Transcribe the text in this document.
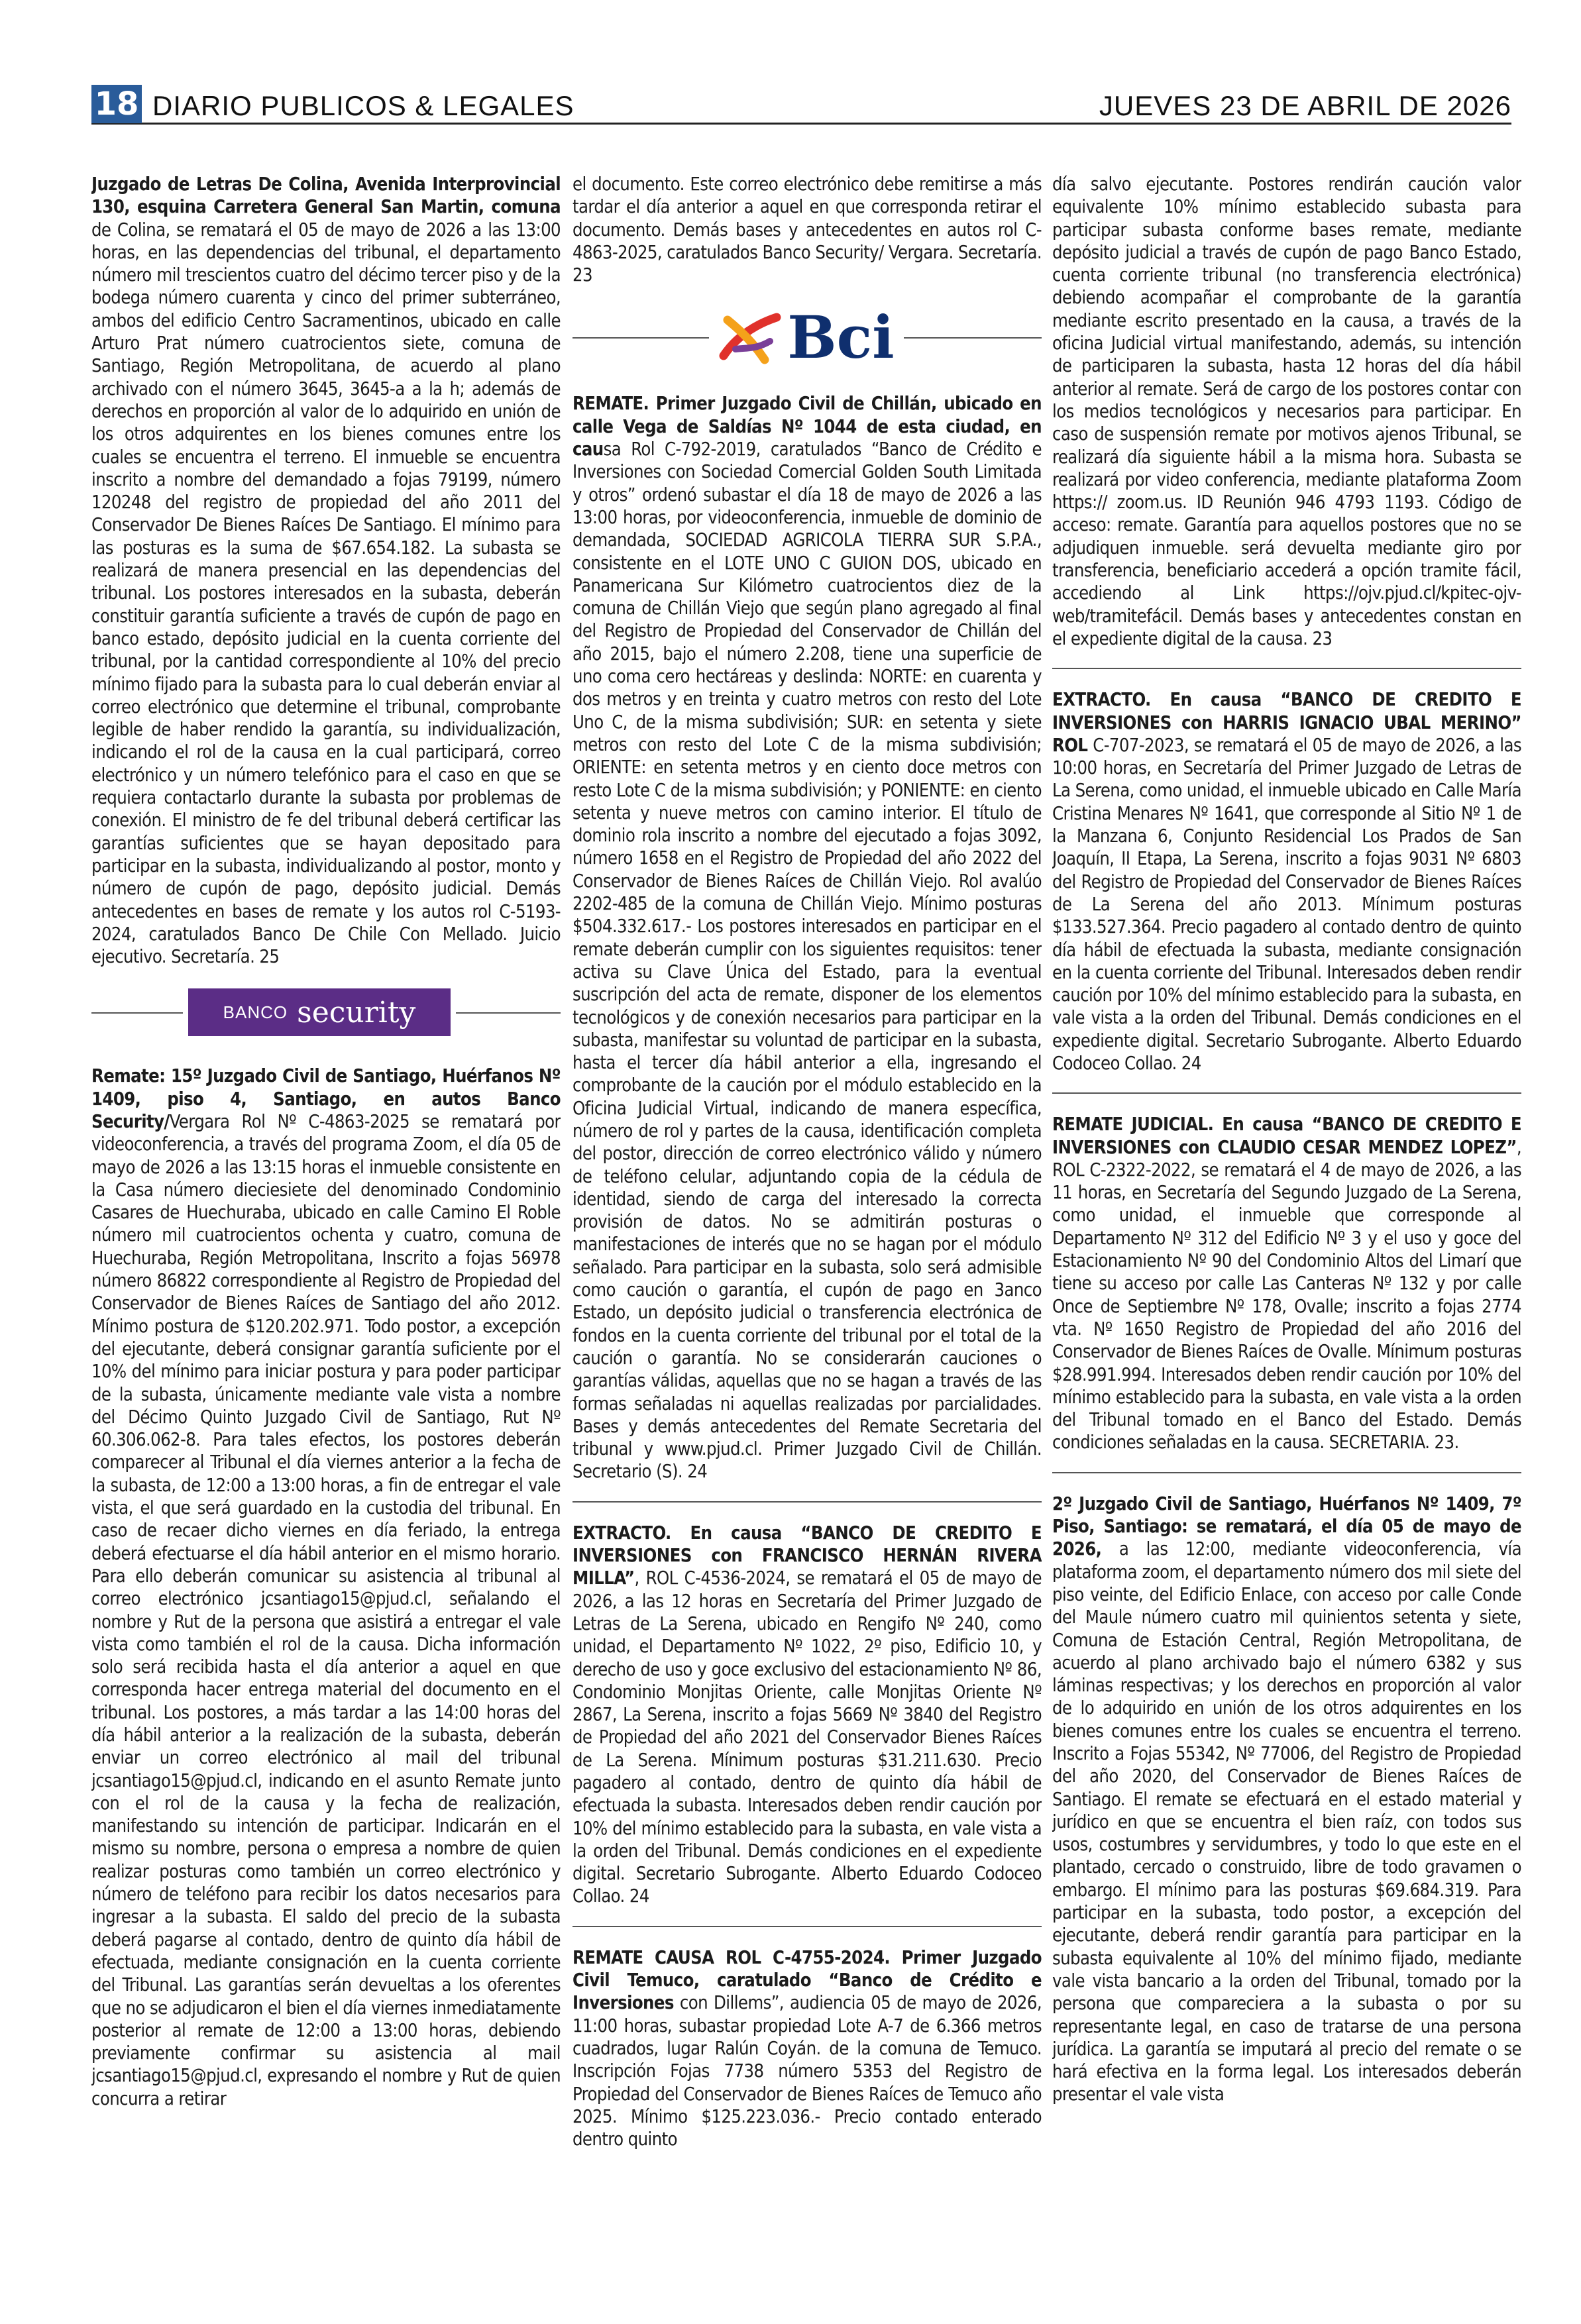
18 DIARIO PUBLICOS & LEGALES	JUEVES 23 DE ABRIL DE 2026

Juzgado de Letras De Colina, Avenida Interprovincial 130, esquina Carretera General San Martin, comuna de Colina, se rematará el 05 de mayo de 2026 a las 13:00 horas, en las dependencias del tribunal, el departamento número mil trescientos cuatro del décimo tercer piso y de la bodega número cuarenta y cinco del primer subterráneo, ambos del edificio Centro Sacramentinos, ubicado en calle Arturo Prat número cuatrocientos siete, comuna de Santiago, Región Metropolitana, de acuerdo al plano archivado con el número 3645, 3645-a a la h; además de derechos en proporción al valor de lo adquirido en unión de los otros adquirentes en los bienes comunes entre los cuales se encuentra el terreno. El inmueble se encuentra inscrito a nombre del demandado a fojas 79199, número 120248 del registro de propiedad del año 2011 del Conservador De Bienes Raíces De Santiago. El mínimo para las posturas es la suma de $67.654.182. La subasta se realizará de manera presencial en las dependencias del tribunal. Los postores interesados en la subasta, deberán constituir garantía suficiente a través de cupón de pago en banco estado, depósito judicial en la cuenta corriente del tribunal, por la cantidad correspondiente al 10% del precio mínimo fijado para la subasta para lo cual deberán enviar al correo electrónico que determine el tribunal, comprobante legible de haber rendido la garantía, su individualización, indicando el rol de la causa en la cual participará, correo electrónico y un número telefónico para el caso en que se requiera contactarlo durante la subasta por problemas de conexión. El ministro de fe del tribunal deberá certificar las garantías suficientes que se hayan depositado para participar en la subasta, individualizando al postor, monto y número de cupón de pago, depósito judicial. Demás antecedentes en bases de remate y los autos rol C-5193-2024, caratulados Banco De Chile Con Mellado. Juicio ejecutivo. Secretaría. 25

BANCO security

Remate: 15º Juzgado Civil de Santiago, Huérfanos Nº 1409, piso 4, Santiago, en autos Banco Security/Vergara Rol Nº C-4863-2025 se rematará por videoconferencia, a través del programa Zoom, el día 05 de mayo de 2026 a las 13:15 horas el inmueble consistente en la Casa número dieciesiete del denominado Condominio Casares de Huechuraba, ubicado en calle Camino El Roble número mil cuatrocientos ochenta y cuatro, comuna de Huechuraba, Región Metropolitana, Inscrito a fojas 56978 número 86822 correspondiente al Registro de Propiedad del Conservador de Bienes Raíces de Santiago del año 2012. Mínimo postura de $120.202.971. Todo postor, a excepción del ejecutante, deberá consignar garantía suficiente por el 10% del mínimo para iniciar postura y para poder participar de la subasta, únicamente mediante vale vista a nombre del Décimo Quinto Juzgado Civil de Santiago, Rut Nº 60.306.062-8. Para tales efectos, los postores deberán comparecer al Tribunal el día viernes anterior a la fecha de la subasta, de 12:00 a 13:00 horas, a fin de entregar el vale vista, el que será guardado en la custodia del tribunal. En caso de recaer dicho viernes en día feriado, la entrega deberá efectuarse el día hábil anterior en el mismo horario. Para ello deberán comunicar su asistencia al tribunal al correo electrónico jcsantiago15@pjud.cl, señalando el nombre y Rut de la persona que asistirá a entregar el vale vista como también el rol de la causa. Dicha información solo será recibida hasta el día anterior a aquel en que corresponda hacer entrega material del documento en el tribunal. Los postores, a más tardar a las 14:00 horas del día hábil anterior a la realización de la subasta, deberán enviar un correo electrónico al mail del tribunal jcsantiago15@pjud.cl, indicando en el asunto Remate junto con el rol de la causa y la fecha de realización, manifestando su intención de participar. Indicarán en el mismo su nombre, persona o empresa a nombre de quien realizar posturas como también un correo electrónico y número de teléfono para recibir los datos necesarios para ingresar a la subasta. El saldo del precio de la subasta deberá pagarse al contado, dentro de quinto día hábil de efectuada, mediante consignación en la cuenta corriente del Tribunal. Las garantías serán devueltas a los oferentes que no se adjudicaron el bien el día viernes inmediatamente posterior al remate de 12:00 a 13:00 horas, debiendo previamente confirmar su asistencia al mail jcsantiago15@pjud.cl, expresando el nombre y Rut de quien concurra a retirar

el documento. Este correo electrónico debe remitirse a más tardar el día anterior a aquel en que corresponda retirar el documento. Demás bases y antecedentes en autos rol C-4863-2025, caratulados Banco Security/ Vergara. Secretaría. 23

Bci

REMATE. Primer Juzgado Civil de Chillán, ubicado en calle Vega de Saldías Nº 1044 de esta ciudad, en causa Rol C-792-2019, caratulados “Banco de Crédito e Inversiones con Sociedad Comercial Golden South Limitada y otros” ordenó subastar el día 18 de mayo de 2026 a las 13:00 horas, por videoconferencia, inmueble de dominio de demandada, SOCIEDAD AGRICOLA TIERRA SUR S.P.A., consistente en el LOTE UNO C GUION DOS, ubicado en Panamericana Sur Kilómetro cuatrocientos diez de la comuna de Chillán Viejo que según plano agregado al final del Registro de Propiedad del Conservador de Chillán del año 2015, bajo el número 2.208, tiene una superficie de uno coma cero hectáreas y deslinda: NORTE: en cuarenta y dos metros y en treinta y cuatro metros con resto del Lote Uno C, de la misma subdivisión; SUR: en setenta y siete metros con resto del Lote C de la misma subdivisión; ORIENTE: en setenta metros y en ciento doce metros con resto Lote C de la misma subdivisión; y PONIENTE: en ciento setenta y nueve metros con camino interior. El título de dominio rola inscrito a nombre del ejecutado a fojas 3092, número 1658 en el Registro de Propiedad del año 2022 del Conservador de Bienes Raíces de Chillán Viejo. Rol avalúo 2202-485 de la comuna de Chillán Viejo. Mínimo posturas $504.332.617.- Los postores interesados en participar en el remate deberán cumplir con los siguientes requisitos: tener activa su Clave Única del Estado, para la eventual suscripción del acta de remate, disponer de los elementos tecnológicos y de conexión necesarios para participar en la subasta, manifestar su voluntad de participar en la subasta, hasta el tercer día hábil anterior a ella, ingresando el comprobante de la caución por el módulo establecido en la Oficina Judicial Virtual, indicando de manera específica, número de rol y partes de la causa, identificación completa del postor, dirección de correo electrónico válido y número de teléfono celular, adjuntando copia de la cédula de identidad, siendo de carga del interesado la correcta provisión de datos. No se admitirán posturas o manifestaciones de interés que no se hagan por el módulo señalado. Para participar en la subasta, solo será admisible como caución o garantía, el cupón de pago en 3anco Estado, un depósito judicial o transferencia electrónica de fondos en la cuenta corriente del tribunal por el total de la caución o garantía. No se considerarán cauciones o garantías válidas, aquellas que no se hagan a través de las formas señaladas ni aquellas realizadas por parcialidades. Bases y demás antecedentes del Remate Secretaria del tribunal y www.pjud.cl. Primer Juzgado Civil de Chillán. Secretario (S). 24

EXTRACTO. En causa “BANCO DE CREDITO E INVERSIONES con FRANCISCO HERNÁN RIVERA MILLA”, ROL C-4536-2024, se rematará el 05 de mayo de 2026, a las 12 horas en Secretaría del Primer Juzgado de Letras de La Serena, ubicado en Rengifo Nº 240, como unidad, el Departamento Nº 1022, 2º piso, Edificio 10, y derecho de uso y goce exclusivo del estacionamiento Nº 86, Condominio Monjitas Oriente, calle Monjitas Oriente Nº 2867, La Serena, inscrito a fojas 5669 Nº 3840 del Registro de Propiedad del año 2021 del Conservador Bienes Raíces de La Serena. Mínimum posturas $31.211.630. Precio pagadero al contado, dentro de quinto día hábil de efectuada la subasta. Interesados deben rendir caución por 10% del mínimo establecido para la subasta, en vale vista a la orden del Tribunal. Demás condiciones en el expediente digital. Secretario Subrogante. Alberto Eduardo Codoceo Collao. 24

REMATE CAUSA ROL C-4755-2024. Primer Juzgado Civil Temuco, caratulado “Banco de Crédito e Inversiones con Dillems”, audiencia 05 de mayo de 2026, 11:00 horas, subastar propiedad Lote A-7 de 6.366 metros cuadrados, lugar Ralún Coyán. de la comuna de Temuco. Inscripción Fojas 7738 número 5353 del Registro de Propiedad del Conservador de Bienes Raíces de Temuco año 2025. Mínimo $125.223.036.- Precio contado enterado dentro quinto

día salvo ejecutante. Postores rendirán caución valor equivalente 10% mínimo establecido subasta para participar subasta conforme bases remate, mediante depósito judicial a través de cupón de pago Banco Estado, cuenta corriente tribunal (no transferencia electrónica) debiendo acompañar el comprobante de la garantía mediante escrito presentado en la causa, a través de la oficina Judicial virtual manifestando, además, su intención de participaren la subasta, hasta 12 horas del día hábil anterior al remate. Será de cargo de los postores contar con los medios tecnológicos y necesarios para participar. En caso de suspensión remate por motivos ajenos Tribunal, se realizará día siguiente hábil a la misma hora. Subasta se realizará por video conferencia, mediante plataforma Zoom https:// zoom.us. ID Reunión 946 4793 1193. Código de acceso: remate. Garantía para aquellos postores que no se adjudiquen inmueble. será devuelta mediante giro por transferencia, beneficiario accederá a opción tramite fácil, accediendo al Link https://ojv.pjud.cl/kpitec-ojv-web/tramitefácil. Demás bases y antecedentes constan en el expediente digital de la causa. 23

EXTRACTO. En causa “BANCO DE CREDITO E INVERSIONES con HARRIS IGNACIO UBAL MERINO” ROL C-707-2023, se rematará el 05 de mayo de 2026, a las 10:00 horas, en Secretaría del Primer Juzgado de Letras de La Serena, como unidad, el inmueble ubicado en Calle María Cristina Menares Nº 1641, que corresponde al Sitio Nº 1 de la Manzana 6, Conjunto Residencial Los Prados de San Joaquín, II Etapa, La Serena, inscrito a fojas 9031 Nº 6803 del Registro de Propiedad del Conservador de Bienes Raíces de La Serena del año 2013. Mínimum posturas $133.527.364. Precio pagadero al contado dentro de quinto día hábil de efectuada la subasta, mediante consignación en la cuenta corriente del Tribunal. Interesados deben rendir caución por 10% del mínimo establecido para la subasta, en vale vista a la orden del Tribunal. Demás condiciones en el expediente digital. Secretario Subrogante. Alberto Eduardo Codoceo Collao. 24

REMATE JUDICIAL. En causa “BANCO DE CREDITO E INVERSIONES con CLAUDIO CESAR MENDEZ LOPEZ”, ROL C-2322-2022, se rematará el 4 de mayo de 2026, a las 11 horas, en Secretaría del Segundo Juzgado de La Serena, como unidad, el inmueble que corresponde al Departamento Nº 312 del Edificio Nº 3 y el uso y goce del Estacionamiento Nº 90 del Condominio Altos del Limarí que tiene su acceso por calle Las Canteras Nº 132 y por calle Once de Septiembre Nº 178, Ovalle; inscrito a fojas 2774 vta. Nº 1650 Registro de Propiedad del año 2016 del Conservador de Bienes Raíces de Ovalle. Mínimum posturas $28.991.994. Interesados deben rendir caución por 10% del mínimo establecido para la subasta, en vale vista a la orden del Tribunal tomado en el Banco del Estado. Demás condiciones señaladas en la causa. SECRETARIA. 23.

2º Juzgado Civil de Santiago, Huérfanos Nº 1409, 7º Piso, Santiago: se rematará, el día 05 de mayo de 2026, a las 12:00, mediante videoconferencia, vía plataforma zoom, el departamento número dos mil siete del piso veinte, del Edificio Enlace, con acceso por calle Conde del Maule número cuatro mil quinientos setenta y siete, Comuna de Estación Central, Región Metropolitana, de acuerdo al plano archivado bajo el número 6382 y sus láminas respectivas; y los derechos en proporción al valor de lo adquirido en unión de los otros adquirentes en los bienes comunes entre los cuales se encuentra el terreno. Inscrito a Fojas 55342, Nº 77006, del Registro de Propiedad del año 2020, del Conservador de Bienes Raíces de Santiago. El remate se efectuará en el estado material y jurídico en que se encuentra el bien raíz, con todos sus usos, costumbres y servidumbres, y todo lo que este en el plantado, cercado o construido, libre de todo gravamen o embargo. El mínimo para las posturas $69.684.319. Para participar en la subasta, todo postor, a excepción del ejecutante, deberá rendir garantía para participar en la subasta equivalente al 10% del mínimo fijado, mediante vale vista bancario a la orden del Tribunal, tomado por la persona que compareciera a la subasta o por su representante legal, en caso de tratarse de una persona jurídica. La garantía se imputará al precio del remate o se hará efectiva en la forma legal. Los interesados deberán presentar el vale vista
